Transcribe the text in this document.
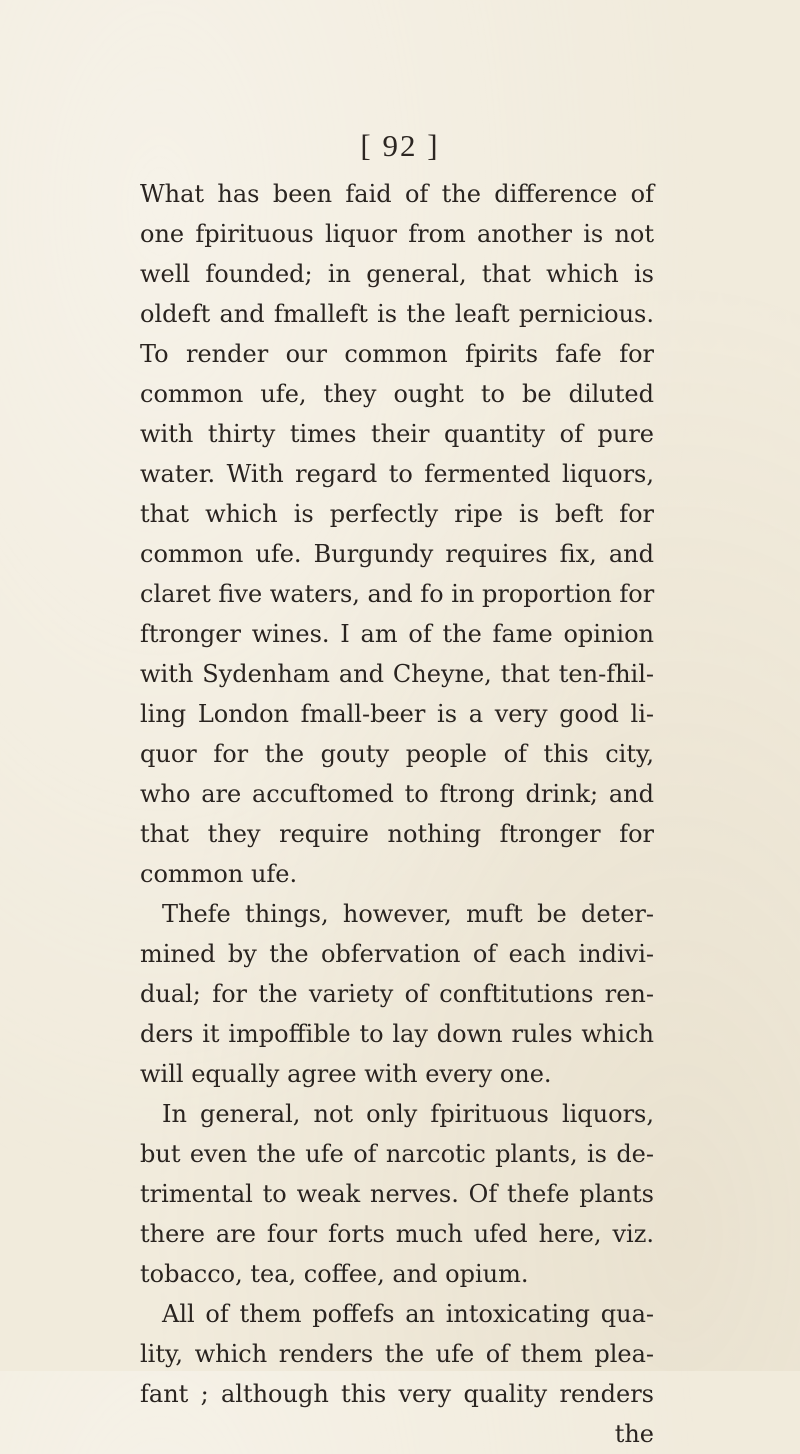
[ 92 ]
What has been faid of the difference of
one fpirituous liquor from another is not
well founded; in general, that which is
oldeft and fmalleft is the leaft pernicious.
To render our common fpirits fafe for
common ufe, they ought to be diluted
with thirty times their quantity of pure
water. With regard to fermented liquors,
that which is perfectly ripe is beft for
common ufe. Burgundy requires fix, and
claret five waters, and fo in proportion for
ftronger wines. I am of the fame opinion
with Sydenham and Cheyne, that ten-fhil-
ling London fmall-beer is a very good li-
quor for the gouty people of this city,
who are accuftomed to ftrong drink; and
that they require nothing ftronger for
common ufe.
Thefe things, however, muft be deter-
mined by the obfervation of each indivi-
dual; for the variety of conftitutions ren-
ders it impoffible to lay down rules which
will equally agree with every one.
In general, not only fpirituous liquors,
but even the ufe of narcotic plants, is de-
trimental to weak nerves. Of thefe plants
there are four forts much ufed here, viz.
tobacco, tea, coffee, and opium.
All of them poffefs an intoxicating qua-
lity, which renders the ufe of them plea-
fant ; although this very quality renders
the
